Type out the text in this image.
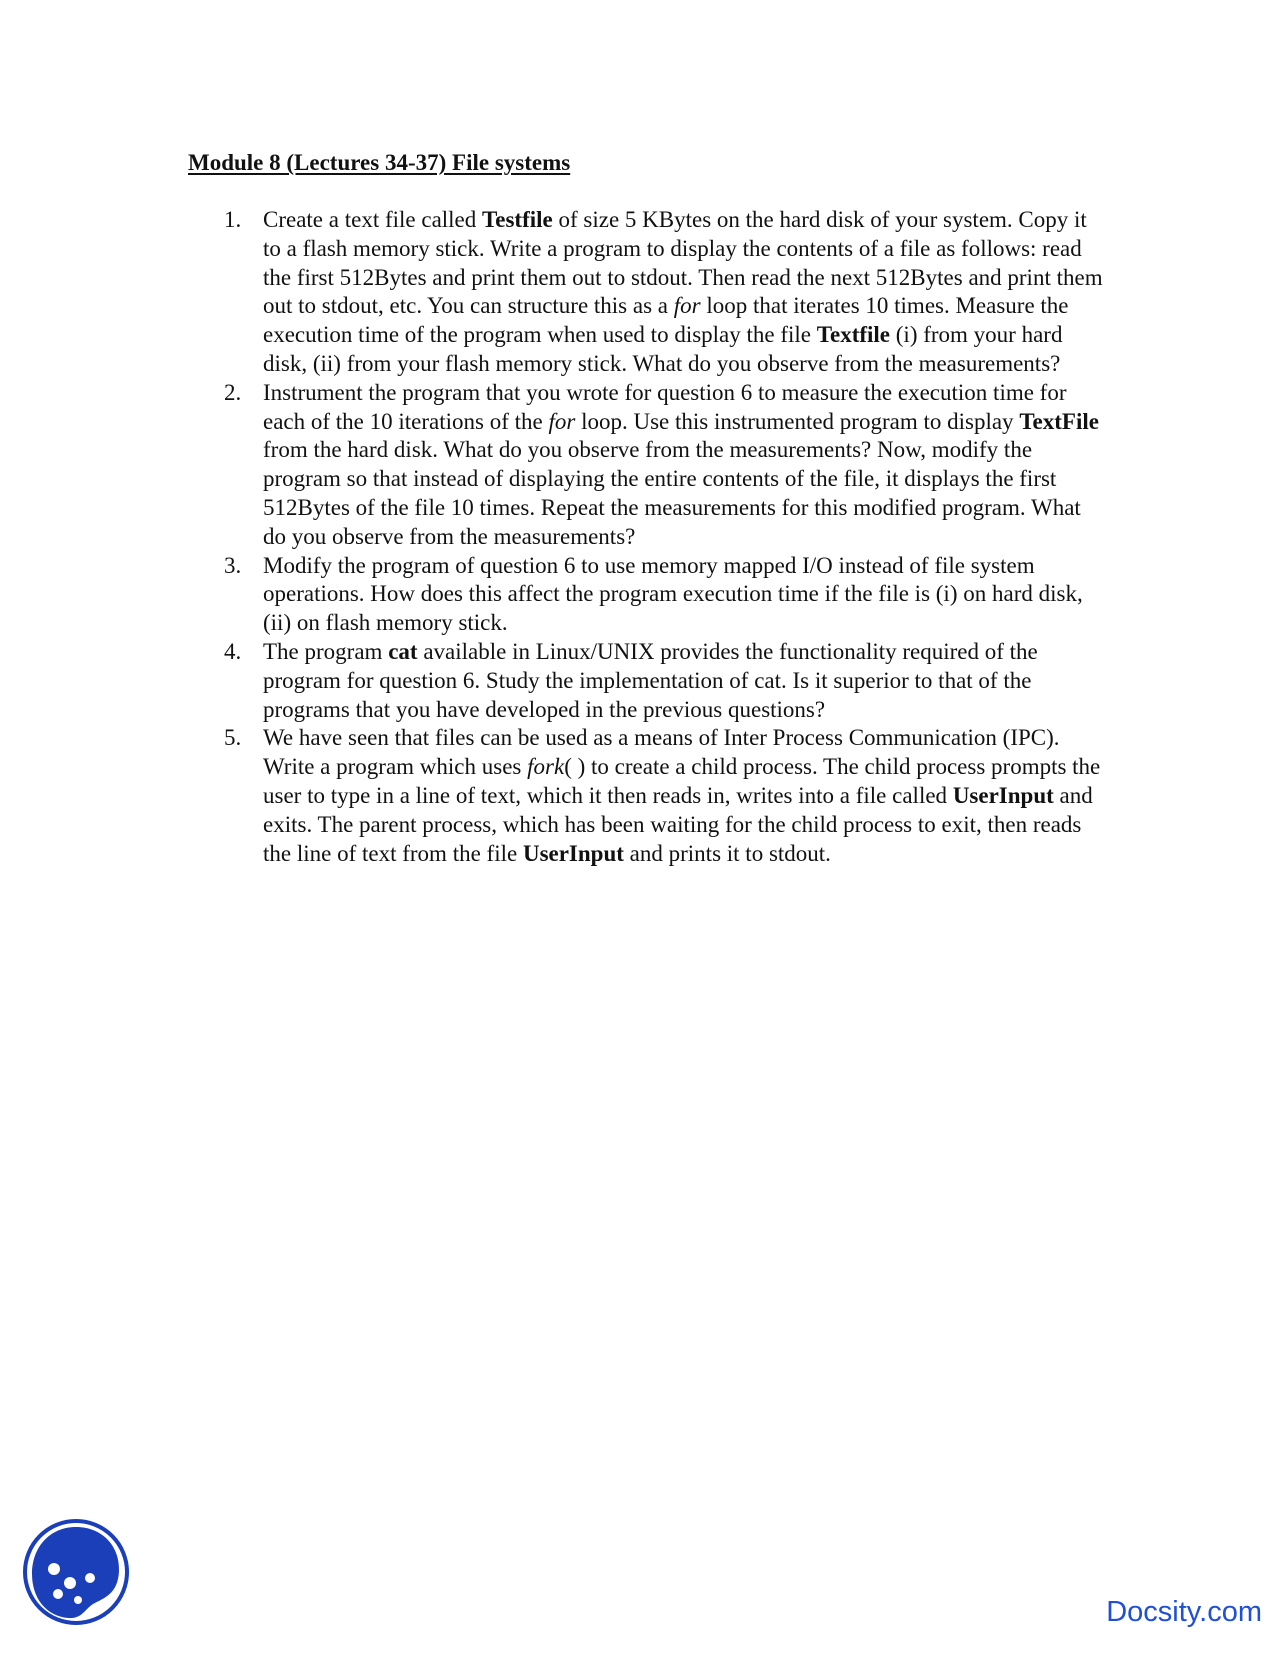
Module 8 (Lectures 34-37) File systems
1. Create a text file called Testfile of size 5 KBytes on the hard disk of your system. Copy it to a flash memory stick. Write a program to display the contents of a file as follows: read the first 512Bytes and print them out to stdout. Then read the next 512Bytes and print them out to stdout, etc. You can structure this as a for loop that iterates 10 times. Measure the execution time of the program when used to display the file Textfile (i) from your hard disk, (ii) from your flash memory stick. What do you observe from the measurements?
2. Instrument the program that you wrote for question 6 to measure the execution time for each of the 10 iterations of the for loop. Use this instrumented program to display TextFile from the hard disk. What do you observe from the measurements? Now, modify the program so that instead of displaying the entire contents of the file, it displays the first 512Bytes of the file 10 times. Repeat the measurements for this modified program. What do you observe from the measurements?
3. Modify the program of question 6 to use memory mapped I/O instead of file system operations. How does this affect the program execution time if the file is (i) on hard disk, (ii) on flash memory stick.
4. The program cat available in Linux/UNIX provides the functionality required of the program for question 6. Study the implementation of cat. Is it superior to that of the programs that you have developed in the previous questions?
5. We have seen that files can be used as a means of Inter Process Communication (IPC). Write a program which uses fork( ) to create a child process. The child process prompts the user to type in a line of text, which it then reads in, writes into a file called UserInput and exits. The parent process, which has been waiting for the child process to exit, then reads the line of text from the file UserInput and prints it to stdout.
Docsity.com
